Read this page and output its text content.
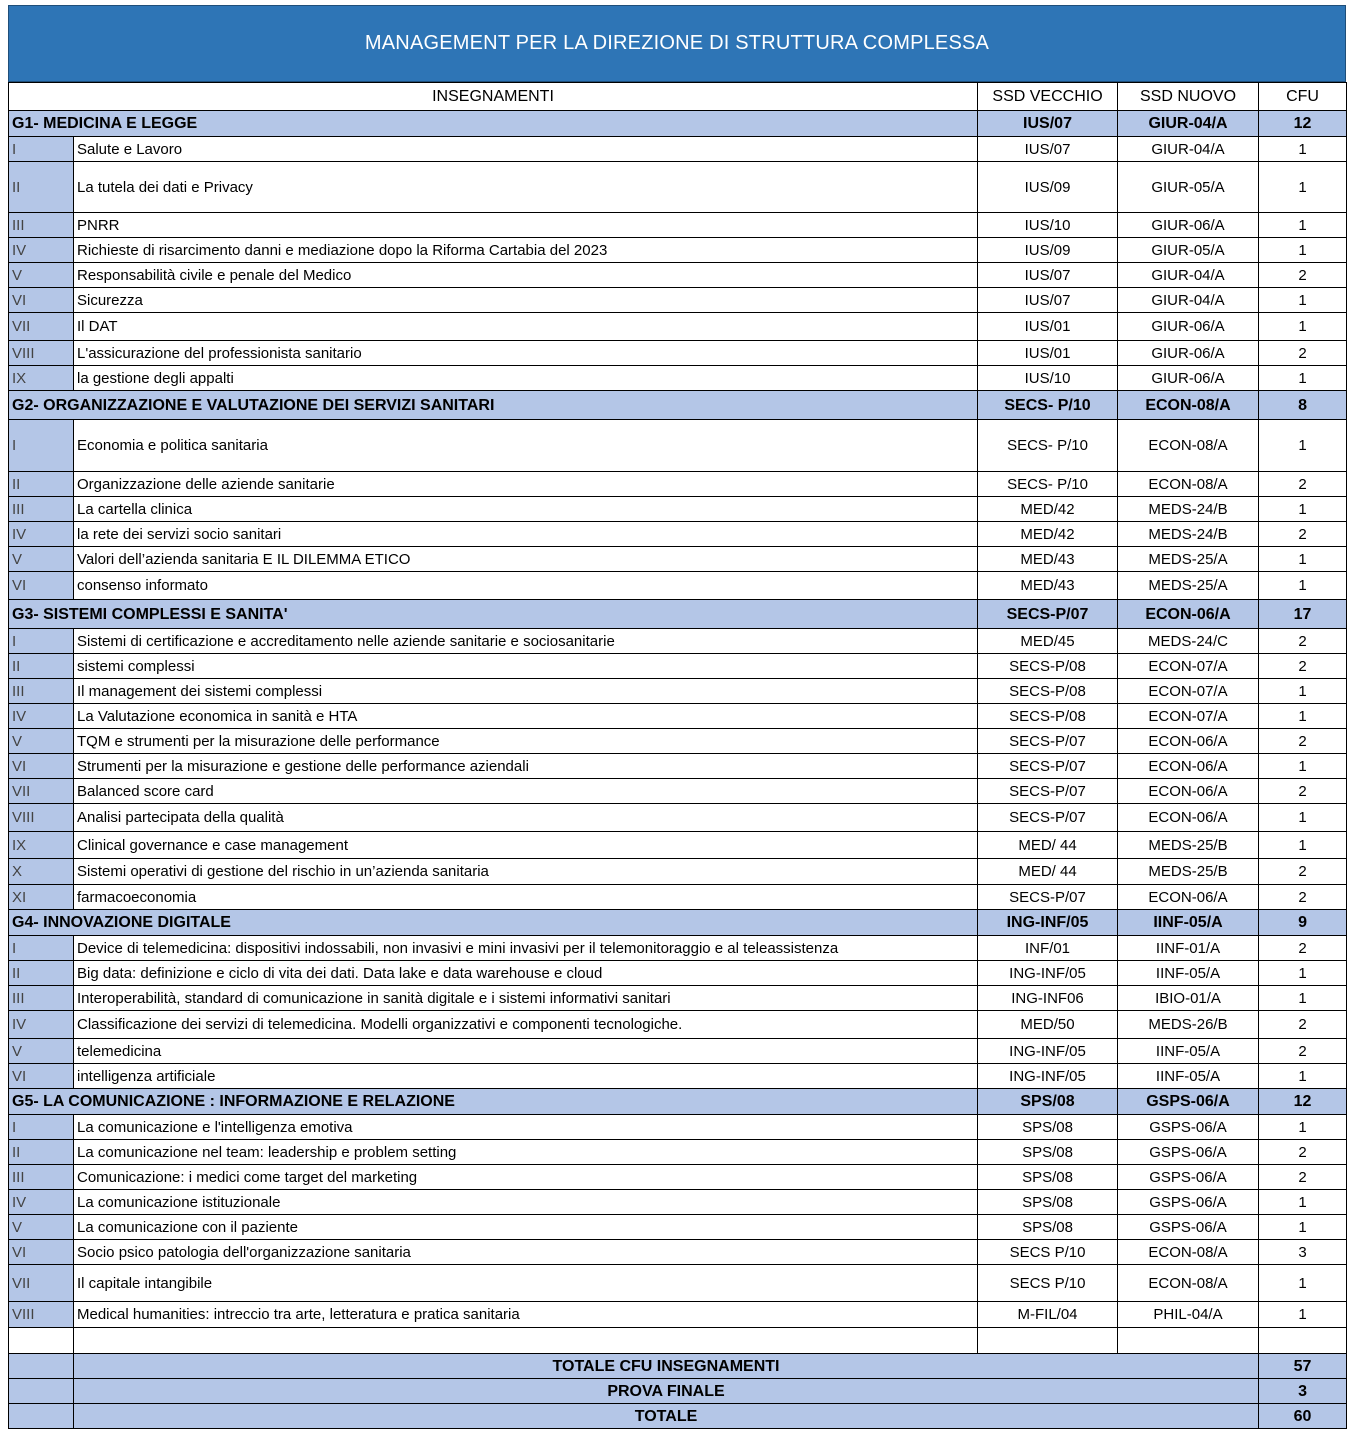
MANAGEMENT PER LA DIREZIONE DI STRUTTURA COMPLESSA
INSEGNAMENTI		SSD VECCHIO	SSD NUOVO	CFU
G1- MEDICINA E LEGGE		IUS/07	GIUR-04/A	12
I	Salute e Lavoro	IUS/07	GIUR-04/A	1
II	La tutela dei dati e Privacy	IUS/09	GIUR-05/A	1
III	PNRR	IUS/10	GIUR-06/A	1
IV	Richieste di risarcimento danni e mediazione dopo la Riforma Cartabia del 2023	IUS/09	GIUR-05/A	1
V	Responsabilità civile e penale del Medico	IUS/07	GIUR-04/A	2
VI	Sicurezza	IUS/07	GIUR-04/A	1
VII	Il DAT	IUS/01	GIUR-06/A	1
VIII	L'assicurazione del professionista sanitario	IUS/01	GIUR-06/A	2
IX	la gestione degli appalti	IUS/10	GIUR-06/A	1
G2- ORGANIZZAZIONE E VALUTAZIONE DEI SERVIZI SANITARI		SECS- P/10	ECON-08/A	8
I	Economia e politica sanitaria	SECS- P/10	ECON-08/A	1
II	Organizzazione delle aziende sanitarie	SECS- P/10	ECON-08/A	2
III	La cartella clinica	MED/42	MEDS-24/B	1
IV	la rete dei servizi socio sanitari	MED/42	MEDS-24/B	2
V	Valori dell’azienda sanitaria E IL DILEMMA ETICO	MED/43	MEDS-25/A	1
VI	consenso informato	MED/43	MEDS-25/A	1
G3- SISTEMI COMPLESSI E SANITA'		SECS-P/07	ECON-06/A	17
I	Sistemi di certificazione e accreditamento nelle aziende sanitarie e sociosanitarie	MED/45	MEDS-24/C	2
II	sistemi complessi	SECS-P/08	ECON-07/A	2
III	Il management dei sistemi complessi	SECS-P/08	ECON-07/A	1
IV	La Valutazione economica in sanità e HTA	SECS-P/08	ECON-07/A	1
V	TQM e strumenti per la misurazione delle performance	SECS-P/07	ECON-06/A	2
VI	Strumenti per la misurazione e gestione delle performance aziendali	SECS-P/07	ECON-06/A	1
VII	Balanced score card	SECS-P/07	ECON-06/A	2
VIII	Analisi partecipata della qualità	SECS-P/07	ECON-06/A	1
IX	Clinical governance e case management	MED/ 44	MEDS-25/B	1
X	Sistemi operativi di gestione del rischio in un’azienda sanitaria	MED/ 44	MEDS-25/B	2
XI	farmacoeconomia	SECS-P/07	ECON-06/A	2
G4- INNOVAZIONE DIGITALE		ING-INF/05	IINF-05/A	9
I	Device di telemedicina: dispositivi indossabili, non invasivi e mini invasivi per il telemonitoraggio e al teleassistenza	INF/01	IINF-01/A	2
II	Big data: definizione e ciclo di vita dei dati. Data lake e data warehouse e cloud	ING-INF/05	IINF-05/A	1
III	Interoperabilità, standard di comunicazione in sanità digitale e i sistemi informativi sanitari	ING-INF06	IBIO-01/A	1
IV	Classificazione dei servizi di telemedicina. Modelli organizzativi e componenti tecnologiche.	MED/50	MEDS-26/B	2
V	telemedicina	ING-INF/05	IINF-05/A	2
VI	intelligenza artificiale	ING-INF/05	IINF-05/A	1
G5- LA COMUNICAZIONE : INFORMAZIONE E RELAZIONE		SPS/08	GSPS-06/A	12
I	La comunicazione e l'intelligenza emotiva	SPS/08	GSPS-06/A	1
II	La comunicazione nel team: leadership e problem setting	SPS/08	GSPS-06/A	2
III	Comunicazione: i medici come target del marketing	SPS/08	GSPS-06/A	2
IV	La comunicazione istituzionale	SPS/08	GSPS-06/A	1
V	La comunicazione con il paziente	SPS/08	GSPS-06/A	1
VI	Socio psico patologia dell'organizzazione sanitaria	SECS P/10	ECON-08/A	3
VII	Il capitale intangibile	SECS P/10	ECON-08/A	1
VIII	Medical humanities: intreccio tra arte, letteratura e pratica sanitaria	M-FIL/04	PHIL-04/A	1

	TOTALE CFU INSEGNAMENTI			57
	PROVA FINALE			3
	TOTALE			60
